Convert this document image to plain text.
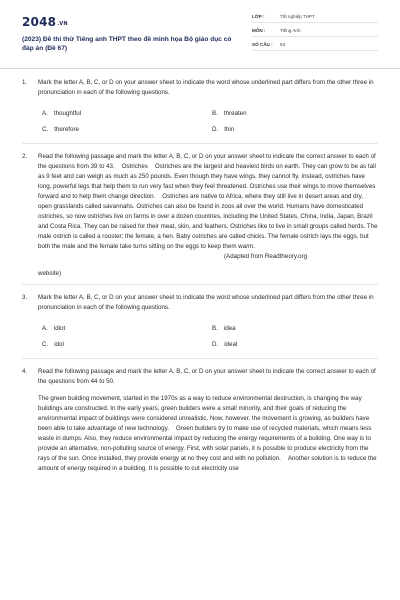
2048.VN
(2023) Đề thi thử Tiếng anh THPT theo đề minh họa Bộ giáo dục có đáp án (Đề 67)
LỚP :	Tốt nghiệp THPT
MÔN :	Tiếng Anh
SỐ CÂU : 53
1. Mark the letter A, B, C, or D on your answer sheet to indicate the word whose underlined part differs from the other three in pronunciation in each of the following questions.
A. thoughtful	B. threaten
C. therefore	D. thin
2. Read the following passage and mark the letter A, B, C, or D on your answer sheet to indicate the correct answer to each of the questions from 39 to 43. Ostriches Ostriches are the largest and heaviest birds on earth. They can grow to be as tall as 9 feet and can weigh as much as 250 pounds. Even though they have wings, they cannot fly. Instead, ostriches have long, powerful legs that help them to run very fast when they feel threatened. Ostriches use their wings to move themselves forward and to help them change direction. Ostriches are native to Africa, where they still live in desert areas and dry, open grasslands called savannahs. Ostriches can also be found in zoos all over the world. Humans have domesticated ostriches, so now ostriches live on farms in over a dozen countries, including the United States, China, India, Japan, Brazil and Costa Rica. They can be raised for their meat, skin, and feathers. Ostriches like to live in small groups called herds. The male ostrich is called a rooster; the female, a hen. Baby ostriches are called chicks. The female ostrich lays the eggs, but both the male and the female take turns sitting on the eggs to keep them warm.
(Adapted from Readtheory.org
website)
3. Mark the letter A, B, C, or D on your answer sheet to indicate the word whose underlined part differs from the other three in pronunciation in each of the following questions.
A. idiot	B. idea
C. idol	D. ideal
4. Read the following passage and mark the letter A, B, C, or D on your answer sheet to indicate the correct answer to each of the questions from 44 to 50.
The green building movement, started in the 1970s as a way to reduce environmental destruction, is changing the way buildings are constructed. In the early years, green builders were a small minority, and their goals of reducing the environmental impact of buildings were considered unrealistic. Now, however, the movement is growing, as builders have been able to take advantage of new technology. Green builders try to make use of recycled materials, which means less waste in dumps. Also, they reduce environmental impact by reducing the energy requirements of a building. One way is to provide an alternative, non-polluting source of energy. First, with solar panels, it is possible to produce electricity from the rays of the sun. Once installed, they provide energy at no they cost and with no pollution. Another solution is to reduce the amount of energy required in a building. It is possible to cut electricity use
